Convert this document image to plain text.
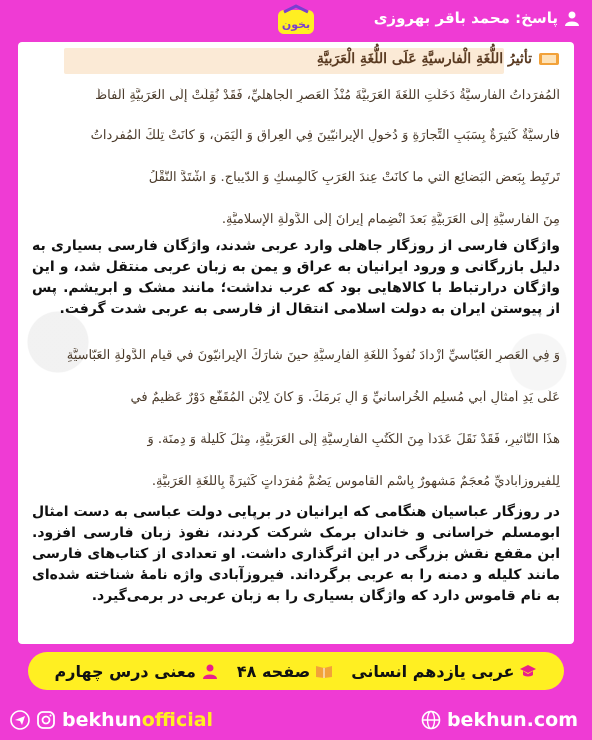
پاسخ: محمد باقر بهروزی
بخون
تأثيرُ اللُّغَةِ الْفارسيَّةِ عَلَی اللُّغَةِ الْعَرَبيَّةِ
اَلْمُفرَداتُ الْفارسيَّةُ دَخَلَتِ اللُّغَةَ الْعَرَبيَّةَ مُنْذُ الْعَصرِ الْجاهليِّ، فَقَدْ نُقِلَتْ إلَی الْعَرَبيَّةِ أَلْفاظٌ
فارسيَّةٌ كَثيرَةٌ بِسَبَبِ التِّجارَةِ وَ دُخولِ الْإيرانيّينَ فِي الْعِراقِ وَ الْيَمَنِ، وَ كانَتْ تِلْكَ الْمُفرداتُ
تَرتَبِطُ بِبَعضِ الْبَضائِعِ الَّتي ما كانَتْ عِندَ الْعَرَبِ كَالْمِسكِ وَ الدّيباجِ. وَ اشْتَدَّ النَّقْلُ
مِنَ الْفارسيَّةِ إلَی الْعَرَبيَّةِ بَعدَ انْضِمامِ إيرانَ إلَی الدَّولَةِ الْإسلاميَّةِ.
واژگان فارسی از روزگار جاهلی وارد عربی شدند، واژگان فارسی بسیاری به دلیل بازرگانی و ورود ایرانیان به عراق و یمن به زبان عربی منتقل شد، و این واژگان درارتباط با کالاهایی بود که عرب نداشت؛ مانند مشک و ابریشم. پس از پیوستن ایران به دولت اسلامی انتقال از فارسی به عربی شدت گرفت.
وَ فِي الْعَصرِ الْعَبّاسيِّ ازْدادَ نُفوذُ اللُّغَةِ الْفارِسيَّةِ حينَ شارَكَ الْإيرانيّونَ في قيامِ الدَّولَةِ الْعَبّاسيَّةِ
عَلَی يَدِ أَمثالِ أَبي مُسلِمٍ الْخُراسانيِّ وَ آلِ بَرمَكَ. وَ كانَ لِابْنِ الْمُقَفَّعِ دَوْرٌ عَظيمٌ في
هذَا التَّأثيرِ، فَقَدْ نَقَلَ عَدَداً مِنَ الْكُتُبِ الْفارِسيَّةِ إلَی الْعَرَبيَّةِ، مِثلَ كَليلَة وَ دِمنَة. وَ
لِلْفيروزآباديِّ مُعجَمٌ مَشهورٌ بِاسْمِ الْقاموسِ يَضُمُّ مُفرَداتٍ كَثيرَةً بِاللُّغَةِ الْعَرَبيَّةِ.
در روزگار عباسیان هنگامی که ایرانیان در برپایی دولت عباسی به دست امثال ابومسلم خراسانی و خاندان برمک شرکت کردند، نفوذ زبان فارسی افزود. ابن مقفع نقش بزرگی در این اثرگذاری داشت. او تعدادی از کتاب‌های فارسی مانند کلیله و دمنه را به عربی برگرداند. فیروزآبادی واژه نامهٔ شناخته شده‌ای به نام قاموس دارد که واژگان بسیاری را به زبان عربی در برمی‌گیرد.
عربی یازدهم انسانی
صفحه ۴۸
معنی درس چهارم
bekhunofficial	bekhun.com
